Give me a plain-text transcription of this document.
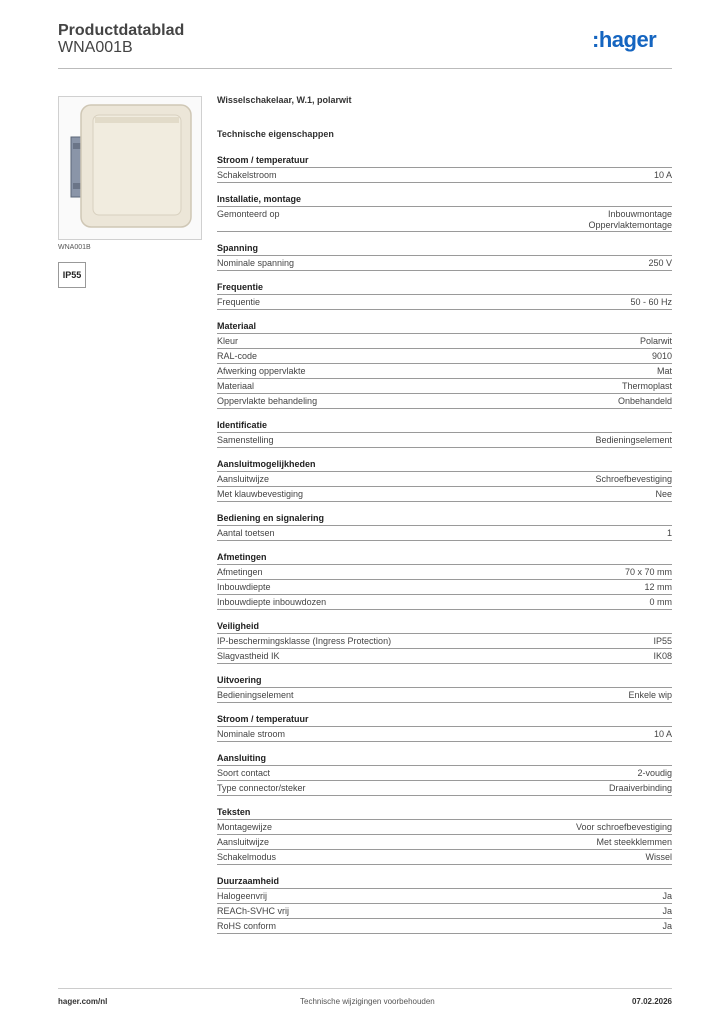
Productdatablad
WNA001B	:hager
WNA001B
IP55
Wisselschakelaar, W.1, polarwit
Technische eigenschappen
Stroom / temperatuur
Schakelstroom	10 A
Installatie, montage
Gemonteerd op	Inbouwmontage
Oppervlaktemontage
Spanning
Nominale spanning	250 V
Frequentie
Frequentie	50 - 60 Hz
Materiaal
Kleur	Polarwit
RAL-code	9010
Afwerking oppervlakte	Mat
Materiaal	Thermoplast
Oppervlakte behandeling	Onbehandeld
Identificatie
Samenstelling	Bedieningselement
Aansluitmogelijkheden
Aansluitwijze	Schroefbevestiging
Met klauwbevestiging	Nee
Bediening en signalering
Aantal toetsen	1
Afmetingen
Afmetingen	70 x 70 mm
Inbouwdiepte	12 mm
Inbouwdiepte inbouwdozen	0 mm
Veiligheid
IP-beschermingsklasse (Ingress Protection)	IP55
Slagvastheid IK	IK08
Uitvoering
Bedieningselement	Enkele wip
Stroom / temperatuur
Nominale stroom	10 A
Aansluiting
Soort contact	2-voudig
Type connector/steker	Draaiverbinding
Teksten
Montagewijze	Voor schroefbevestiging
Aansluitwijze	Met steekklemmen
Schakelmodus	Wissel
Duurzaamheid
Halogeenvrij	Ja
REACh-SVHC vrij	Ja
RoHS conform	Ja
hager.com/nl	Technische wijzigingen voorbehouden	07.02.2026
